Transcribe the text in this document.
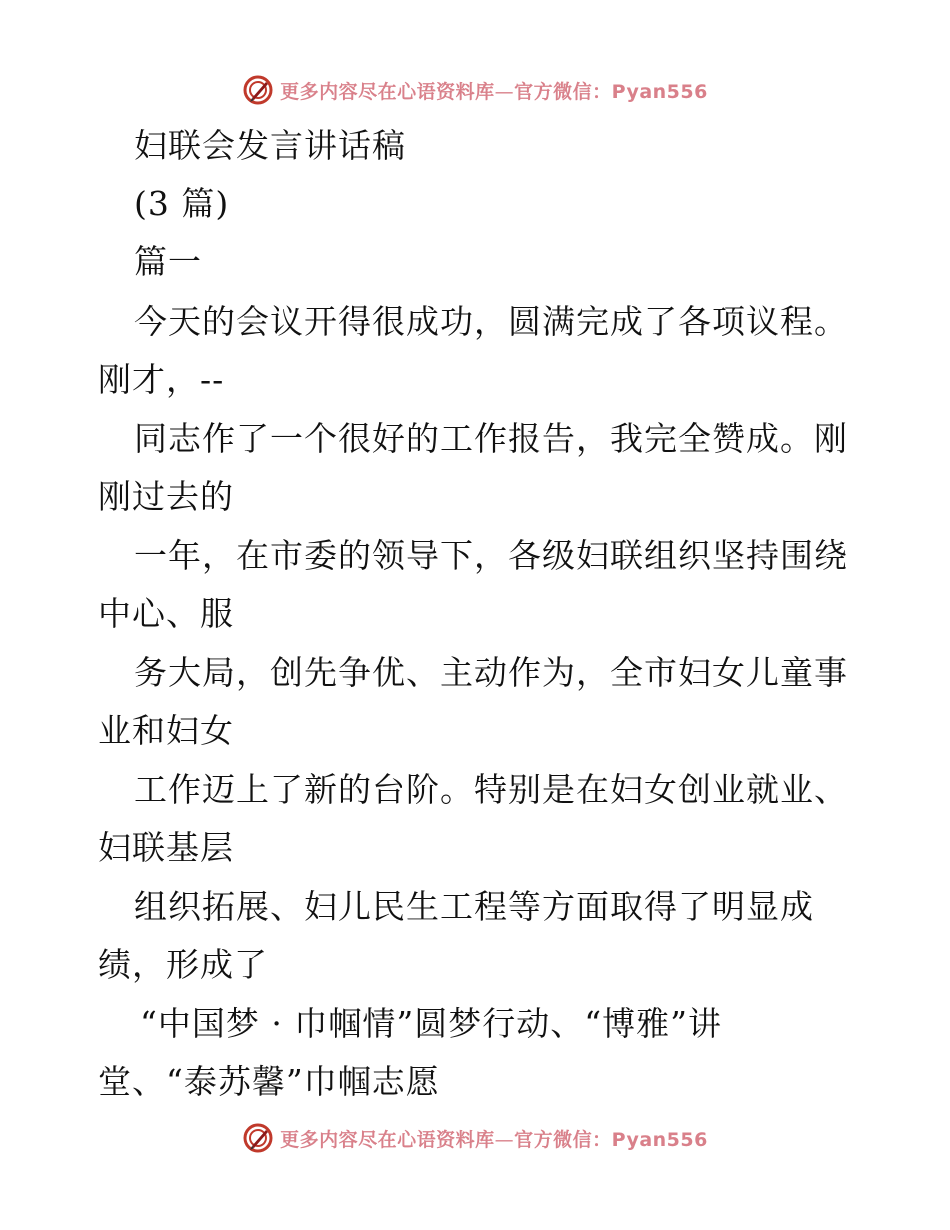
更多内容尽在心语资料库—官方微信：Pyan556
妇联会发言讲话稿
(3 篇)
篇一
今天的会议开得很成功，圆满完成了各项议程。
刚才，--
同志作了一个很好的工作报告，我完全赞成。刚
刚过去的
一年，在市委的领导下，各级妇联组织坚持围绕
中心、服
务大局，创先争优、主动作为，全市妇女儿童事
业和妇女
工作迈上了新的台阶。特别是在妇女创业就业、
妇联基层
组织拓展、妇儿民生工程等方面取得了明显成
绩，形成了
“中国梦 · 巾帼情”圆梦行动、“博雅”讲
堂、“泰苏馨”巾帼志愿
更多内容尽在心语资料库—官方微信：Pyan556
